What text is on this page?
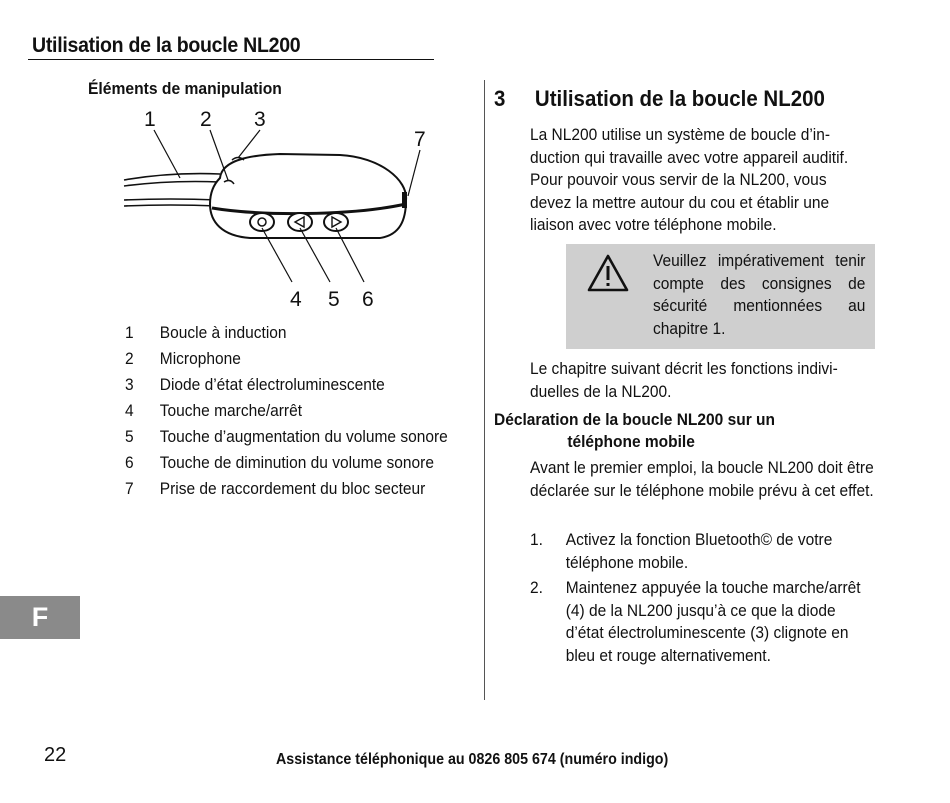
Utilisation de la boucle NL200
Éléments de manipulation
1 2 3
4 5 6
7
1	Boucle à induction
2	Microphone
3	Diode d’état électroluminescente
4	Touche marche/arrêt
5	Touche d’augmentation du volume sonore
6	Touche de diminution du volume sonore
7	Prise de raccordement du bloc secteur
3	Utilisation de la boucle NL200
La NL200 utilise un système de boucle d’induction qui travaille avec votre appareil auditif. Pour pouvoir vous servir de la NL200, vous devez la mettre autour du cou et établir une liaison avec votre téléphone mobile.
Veuillez impérativement tenir compte des consignes de sécurité mentionnées au chapitre 1.
Le chapitre suivant décrit les fonctions individuelles de la NL200.
Déclaration de la boucle NL200 sur un
téléphone mobile
Avant le premier emploi, la boucle NL200 doit être déclarée sur le téléphone mobile prévu à cet effet.
1.	Activez la fonction Bluetooth© de votre téléphone mobile.
2.	Maintenez appuyée la touche marche/arrêt (4) de la NL200 jusqu’à ce que la diode d’état électroluminescente (3) clignote en bleu et rouge alternativement.
F
22	Assistance téléphonique au 0826 805 674 (numéro indigo)
